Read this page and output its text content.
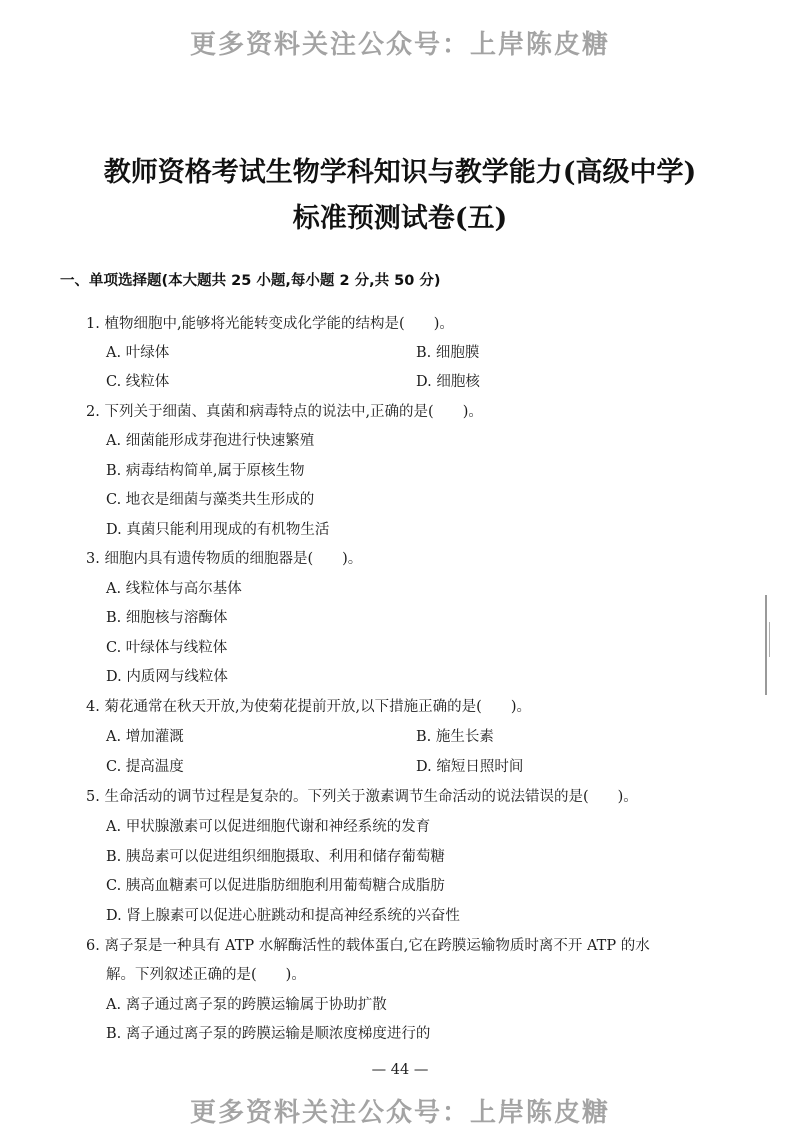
更多资料关注公众号：上岸陈皮糖
教师资格考试生物学科知识与教学能力(高级中学)
标准预测试卷(五)
一、单项选择题(本大题共 25 小题,每小题 2 分,共 50 分)
1. 植物细胞中,能够将光能转变成化学能的结构是(　　)。
A. 叶绿体	B. 细胞膜
C. 线粒体	D. 细胞核
2. 下列关于细菌、真菌和病毒特点的说法中,正确的是(　　)。
A. 细菌能形成芽孢进行快速繁殖
B. 病毒结构简单,属于原核生物
C. 地衣是细菌与藻类共生形成的
D. 真菌只能利用现成的有机物生活
3. 细胞内具有遗传物质的细胞器是(　　)。
A. 线粒体与高尔基体
B. 细胞核与溶酶体
C. 叶绿体与线粒体
D. 内质网与线粒体
4. 菊花通常在秋天开放,为使菊花提前开放,以下措施正确的是(　　)。
A. 增加灌溉	B. 施生长素
C. 提高温度	D. 缩短日照时间
5. 生命活动的调节过程是复杂的。下列关于激素调节生命活动的说法错误的是(　　)。
A. 甲状腺激素可以促进细胞代谢和神经系统的发育
B. 胰岛素可以促进组织细胞摄取、利用和储存葡萄糖
C. 胰高血糖素可以促进脂肪细胞利用葡萄糖合成脂肪
D. 肾上腺素可以促进心脏跳动和提高神经系统的兴奋性
6. 离子泵是一种具有 ATP 水解酶活性的载体蛋白,它在跨膜运输物质时离不开 ATP 的水
解。下列叙述正确的是(　　)。
A. 离子通过离子泵的跨膜运输属于协助扩散
B. 离子通过离子泵的跨膜运输是顺浓度梯度进行的
— 44 —
更多资料关注公众号：上岸陈皮糖
